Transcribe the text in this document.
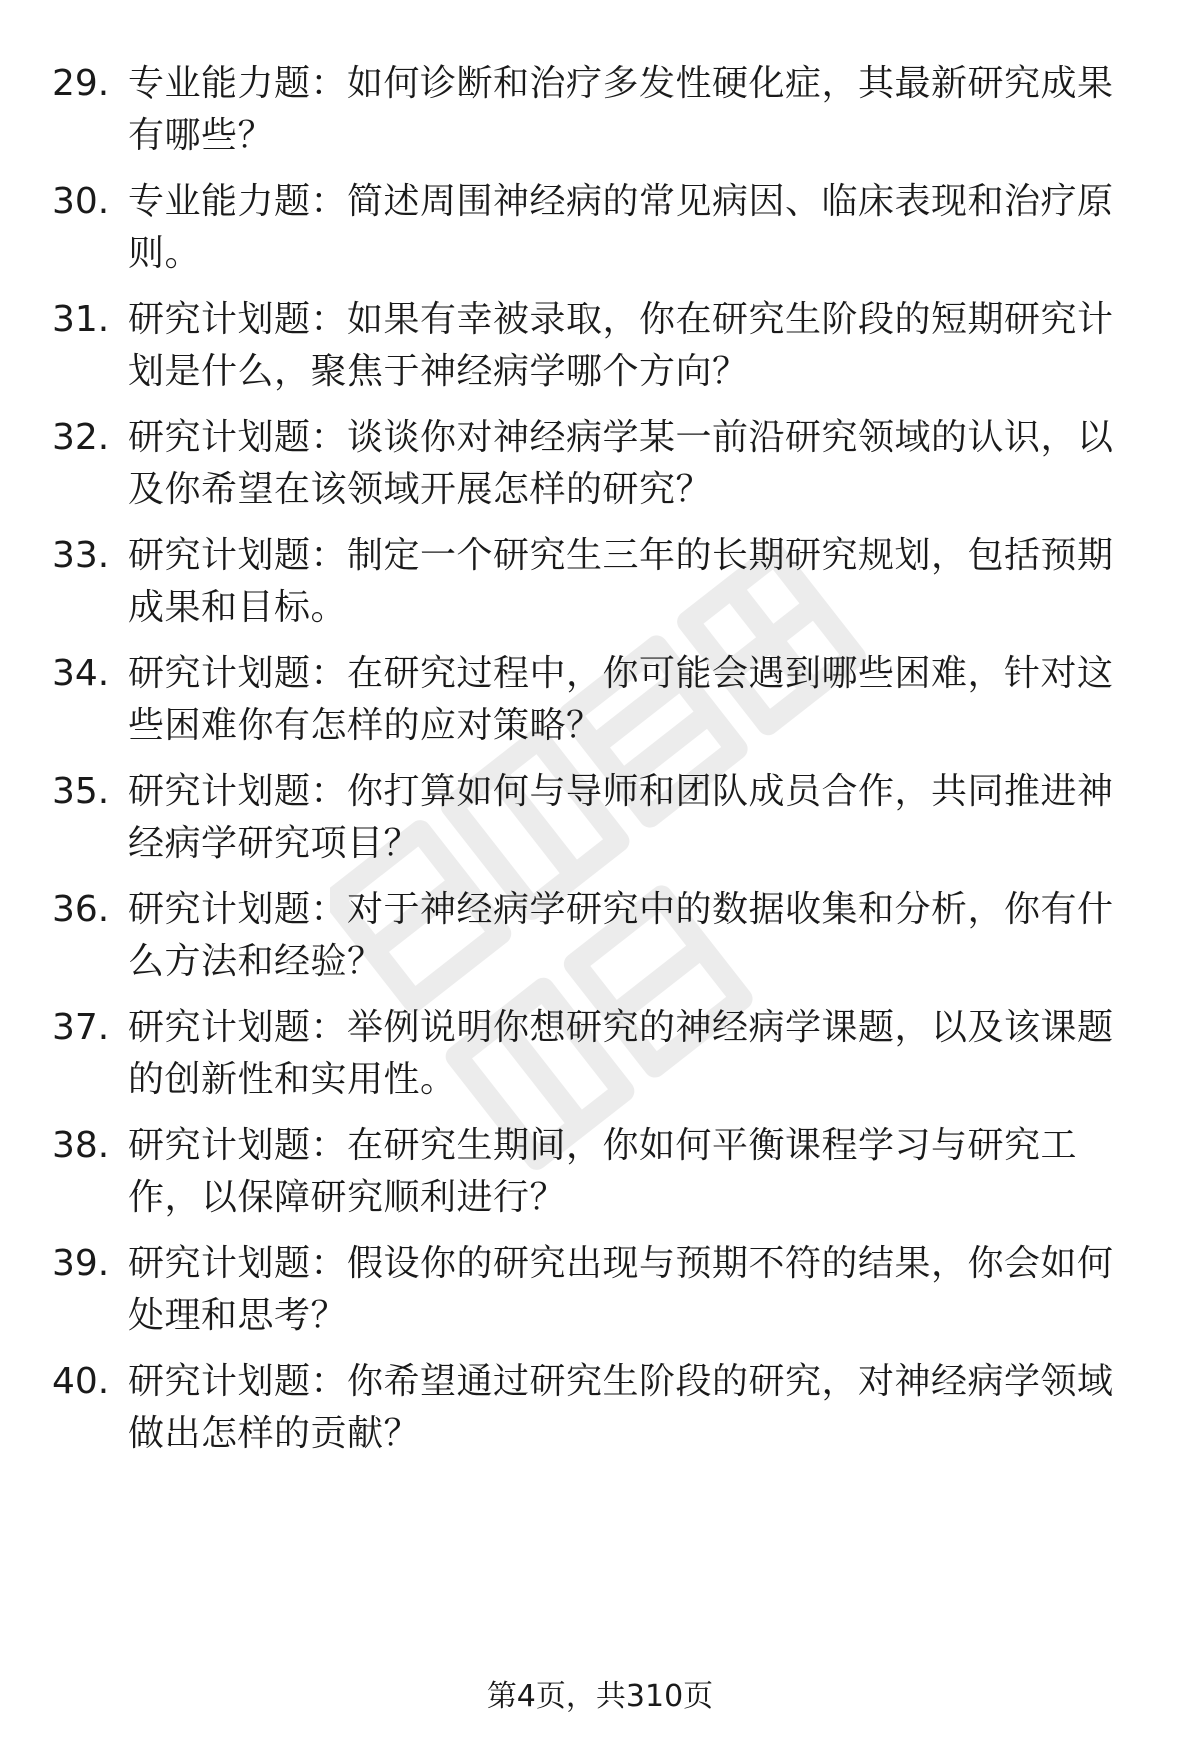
29. 专业能力题：如何诊断和治疗多发性硬化症，其最新研究成果有哪些？
30. 专业能力题：简述周围神经病的常见病因、临床表现和治疗原则。
31. 研究计划题：如果有幸被录取，你在研究生阶段的短期研究计划是什么，聚焦于神经病学哪个方向？
32. 研究计划题：谈谈你对神经病学某一前沿研究领域的认识，以及你希望在该领域开展怎样的研究？
33. 研究计划题：制定一个研究生三年的长期研究规划，包括预期成果和目标。
34. 研究计划题：在研究过程中，你可能会遇到哪些困难，针对这些困难你有怎样的应对策略？
35. 研究计划题：你打算如何与导师和团队成员合作，共同推进神经病学研究项目？
36. 研究计划题：对于神经病学研究中的数据收集和分析，你有什么方法和经验？
37. 研究计划题：举例说明你想研究的神经病学课题，以及该课题的创新性和实用性。
38. 研究计划题：在研究生期间，你如何平衡课程学习与研究工作，以保障研究顺利进行？
39. 研究计划题：假设你的研究出现与预期不符的结果，你会如何处理和思考？
40. 研究计划题：你希望通过研究生阶段的研究，对神经病学领域做出怎样的贡献？
第4页，共310页
